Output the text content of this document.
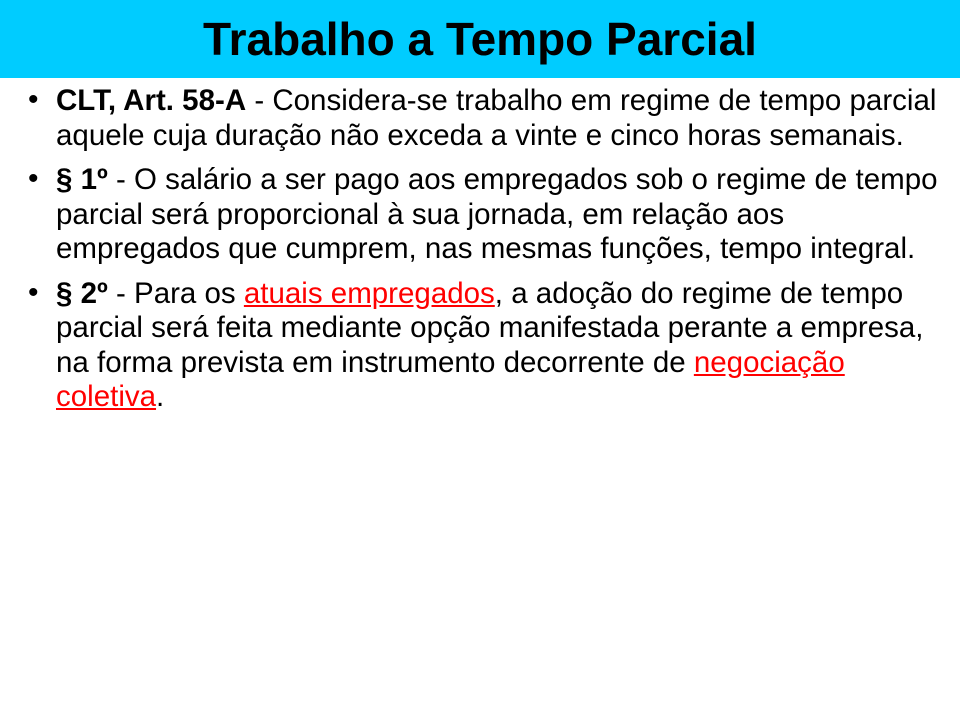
Trabalho a Tempo Parcial
• CLT, Art. 58-A - Considera-se trabalho em regime de tempo parcial aquele cuja duração não exceda a vinte e cinco horas semanais.
• § 1º - O salário a ser pago aos empregados sob o regime de tempo parcial será proporcional à sua jornada, em relação aos empregados que cumprem, nas mesmas funções, tempo integral.
• § 2º - Para os atuais empregados, a adoção do regime de tempo parcial será feita mediante opção manifestada perante a empresa, na forma prevista em instrumento decorrente de negociação coletiva.
